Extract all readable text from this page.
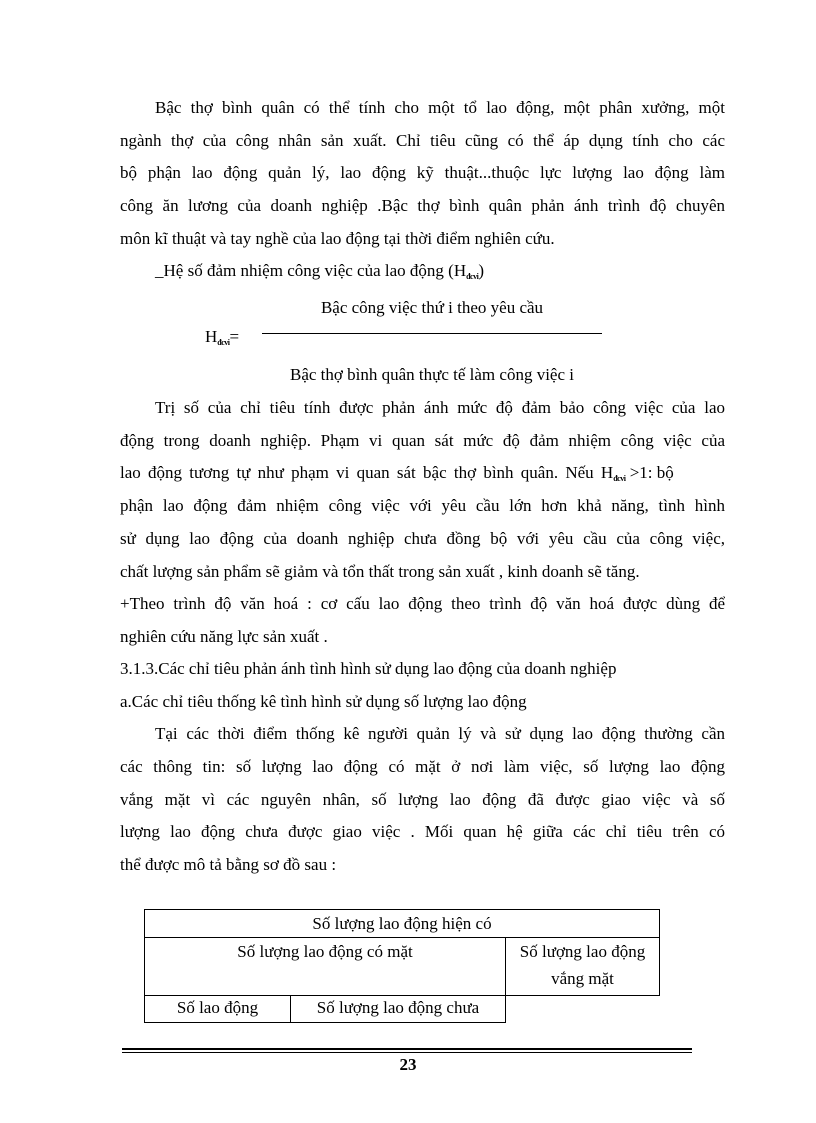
Bậc thợ bình quân có thể tính cho một tổ lao động, một phân xưởng, một
ngành thợ của công nhân sản xuất. Chỉ tiêu cũng có thể áp dụng tính cho các
bộ phận lao động quản lý, lao động kỹ thuật...thuộc lực lượng lao động làm
công ăn lương của doanh nghiệp .Bậc thợ bình quân phản ánh trình độ chuyên
môn kĩ thuật và tay nghề của lao động tại thời điểm nghiên cứu.
_Hệ số đảm nhiệm công việc của lao động (Hđcvi)
Bậc công việc thứ i theo yêu cầu
Hđcvi=
Bậc thợ bình quân thực tế làm công việc i
Trị số của chỉ tiêu tính được phản ánh mức độ đảm bảo công việc của lao
động trong doanh nghiệp. Phạm vi quan sát mức độ đảm nhiệm công việc của
lao động tương tự như phạm vi quan sát bậc thợ bình quân. Nếu Hđcvi >1: bộ
phận lao động đảm nhiệm công việc với yêu cầu lớn hơn khả năng, tình hình
sử dụng lao động của doanh nghiệp chưa đồng bộ với yêu cầu của công việc,
chất lượng sản phẩm sẽ giảm và tổn thất trong sản xuất , kinh doanh sẽ tăng.
+Theo trình độ văn hoá : cơ cấu lao động theo trình độ văn hoá được dùng để
nghiên cứu năng lực sản xuất .
3.1.3.Các chỉ tiêu phản ánh tình hình sử dụng lao động của doanh nghiệp
a.Các chỉ tiêu thống kê tình hình sử dụng số lượng lao động
Tại các thời điểm thống kê người quản lý và sử dụng lao động thường cần
các thông tin: số lượng lao động có mặt ở nơi làm việc, số lượng lao động
vắng mặt vì các nguyên nhân, số lượng lao động đã được giao việc và số
lượng lao động chưa được giao việc . Mối quan hệ giữa các chỉ tiêu trên có
thể được mô tả bằng sơ đồ sau :
Số lượng lao động hiện có		
Số lượng lao động có mặt		Số lượng lao động
vắng mặt

Số lao động	Số lượng lao động chưa	
23
